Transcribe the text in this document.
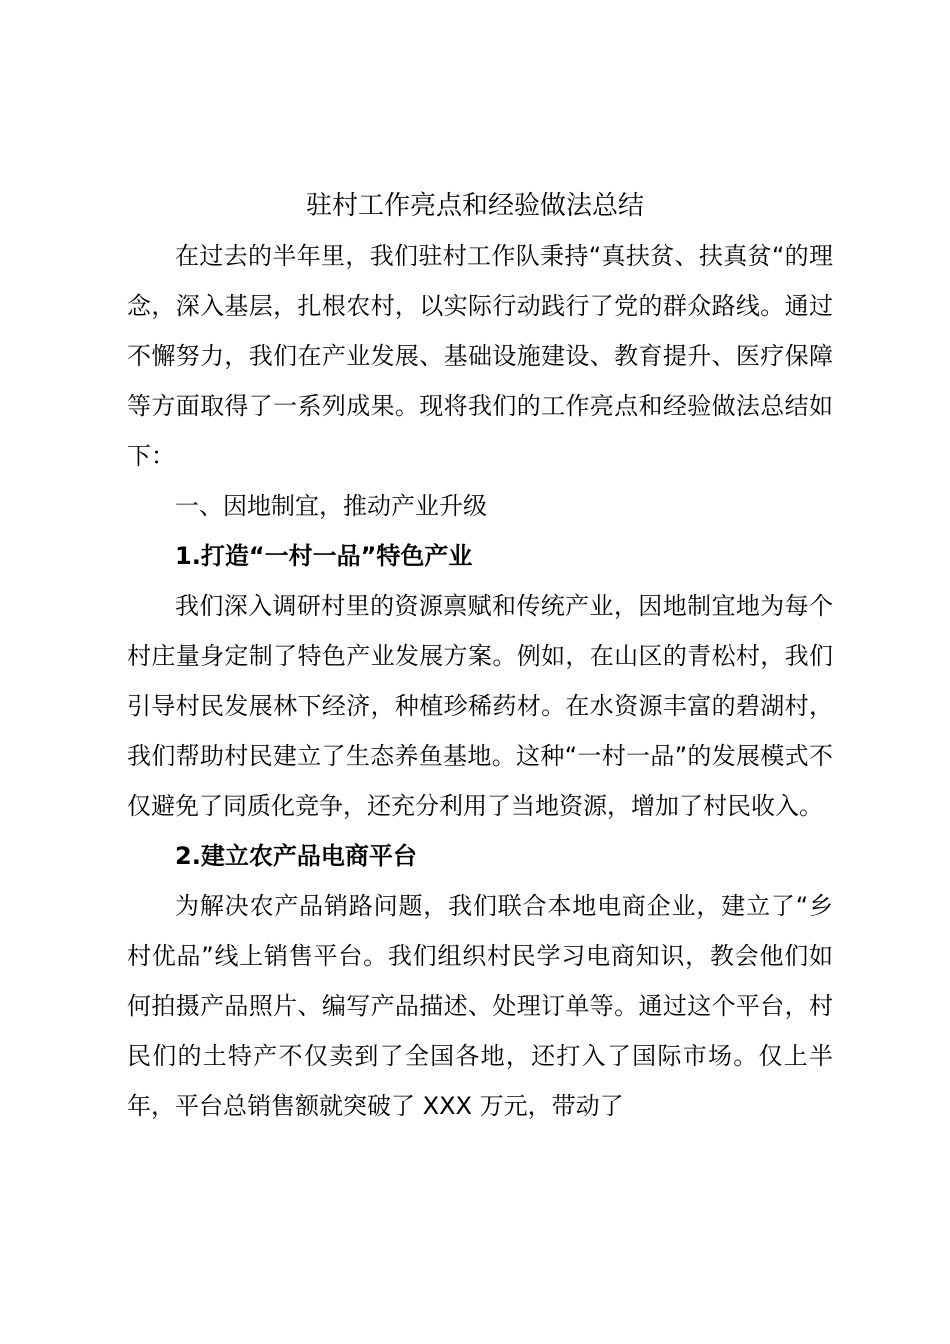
驻村工作亮点和经验做法总结

在过去的半年里，我们驻村工作队秉持“真扶贫、扶真贫“的理念，深入基层，扎根农村，以实际行动践行了党的群众路线。通过不懈努力，我们在产业发展、基础设施建设、教育提升、医疗保障等方面取得了一系列成果。现将我们的工作亮点和经验做法总结如下：

一、因地制宜，推动产业升级

1.打造“一村一品”特色产业

我们深入调研村里的资源禀赋和传统产业，因地制宜地为每个村庄量身定制了特色产业发展方案。例如，在山区的青松村，我们引导村民发展林下经济，种植珍稀药材。在水资源丰富的碧湖村，我们帮助村民建立了生态养鱼基地。这种“一村一品”的发展模式不仅避免了同质化竞争，还充分利用了当地资源，增加了村民收入。

2.建立农产品电商平台

为解决农产品销路问题，我们联合本地电商企业，建立了“乡村优品”线上销售平台。我们组织村民学习电商知识，教会他们如何拍摄产品照片、编写产品描述、处理订单等。通过这个平台，村民们的土特产不仅卖到了全国各地，还打入了国际市场。仅上半年，平台总销售额就突破了 XXX 万元，带动了
